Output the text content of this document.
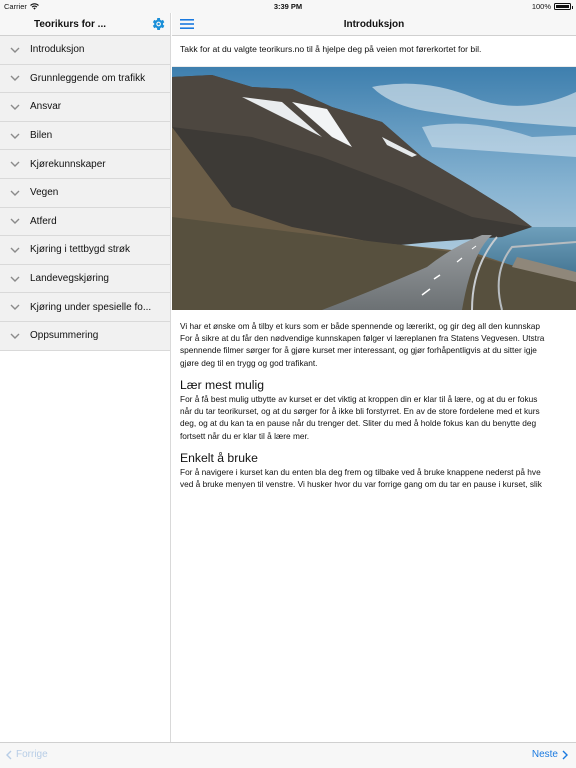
Carrier	3:39 PM	100%
Teorikurs for ...
Introduksjon
Grunnleggende om trafikk
Ansvar
Bilen
Kjørekunnskaper
Vegen
Atferd
Kjøring i tettbygd strøk
Landevegskjøring
Kjøring under spesielle fo...
Oppsummering
Introduksjon
Takk for at du valgte teorikurs.no til å hjelpe deg på veien mot førerkortet for bil.

Vi har et ønske om å tilby et kurs som er både spennende og lærerikt, og gir deg all den kunnskap

For å sikre at du får den nødvendige kunnskapen følger vi læreplanen fra Statens Vegvesen. Utstra

spennende filmer sørger for å gjøre kurset mer interessant, og gjør forhåpentligvis at du sitter igje

gjøre deg til en trygg og god trafikant.

Lær mest mulig

For å få best mulig utbytte av kurset er det viktig at kroppen din er klar til å lære, og at du er fokus

når du tar teorikurset, og at du sørger for å ikke bli forstyrret. En av de store fordelene med et kurs

deg, og at du kan ta en pause når du trenger det. Sliter du med å holde fokus kan du benytte deg

fortsett når du er klar til å lære mer.

Enkelt å bruke

For å navigere i kurset kan du enten bla deg frem og tilbake ved å bruke knappene nederst på hve

ved å bruke menyen til venstre. Vi husker hvor du var forrige gang om du tar en pause i kurset, slik

Forrige	Neste
